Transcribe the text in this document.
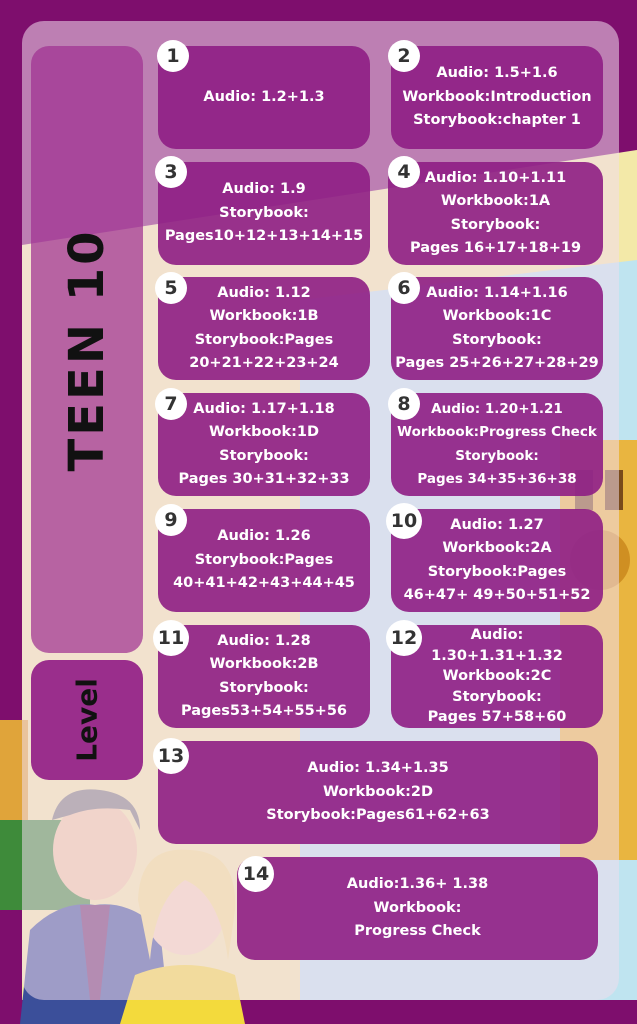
TEEN 10
Level
Audio: 1.2+1.3
1
Audio: 1.5+1.6
Workbook:Introduction
Storybook:chapter 1
2
Audio: 1.9
Storybook:
Pages10+12+13+14+15
3	Audio: 1.10+1.11
Workbook:1A
Storybook:
Pages 16+17+18+19
4
Audio: 1.12
Workbook:1B
Storybook:Pages
20+21+22+23+24
5	Audio: 1.14+1.16
Workbook:1C
Storybook:
Pages 25+26+27+28+29
6
Audio: 1.17+1.18
Workbook:1D
Storybook:
Pages 30+31+32+33
7	Audio: 1.20+1.21
Workbook:Progress Check
Storybook:
Pages 34+35+36+38
8
Audio: 1.26
Storybook:Pages
40+41+42+43+44+45
9	Audio: 1.27
Workbook:2A
Storybook:Pages
46+47+ 49+50+51+52
10
Audio: 1.28
Workbook:2B
Storybook:
Pages53+54+55+56
11	Audio:
1.30+1.31+1.32
Workbook:2C
Storybook:
Pages 57+58+60
12
Audio: 1.34+1.35
Workbook:2D
Storybook:Pages61+62+63
13
Audio:1.36+ 1.38
Workbook:
Progress Check
14
